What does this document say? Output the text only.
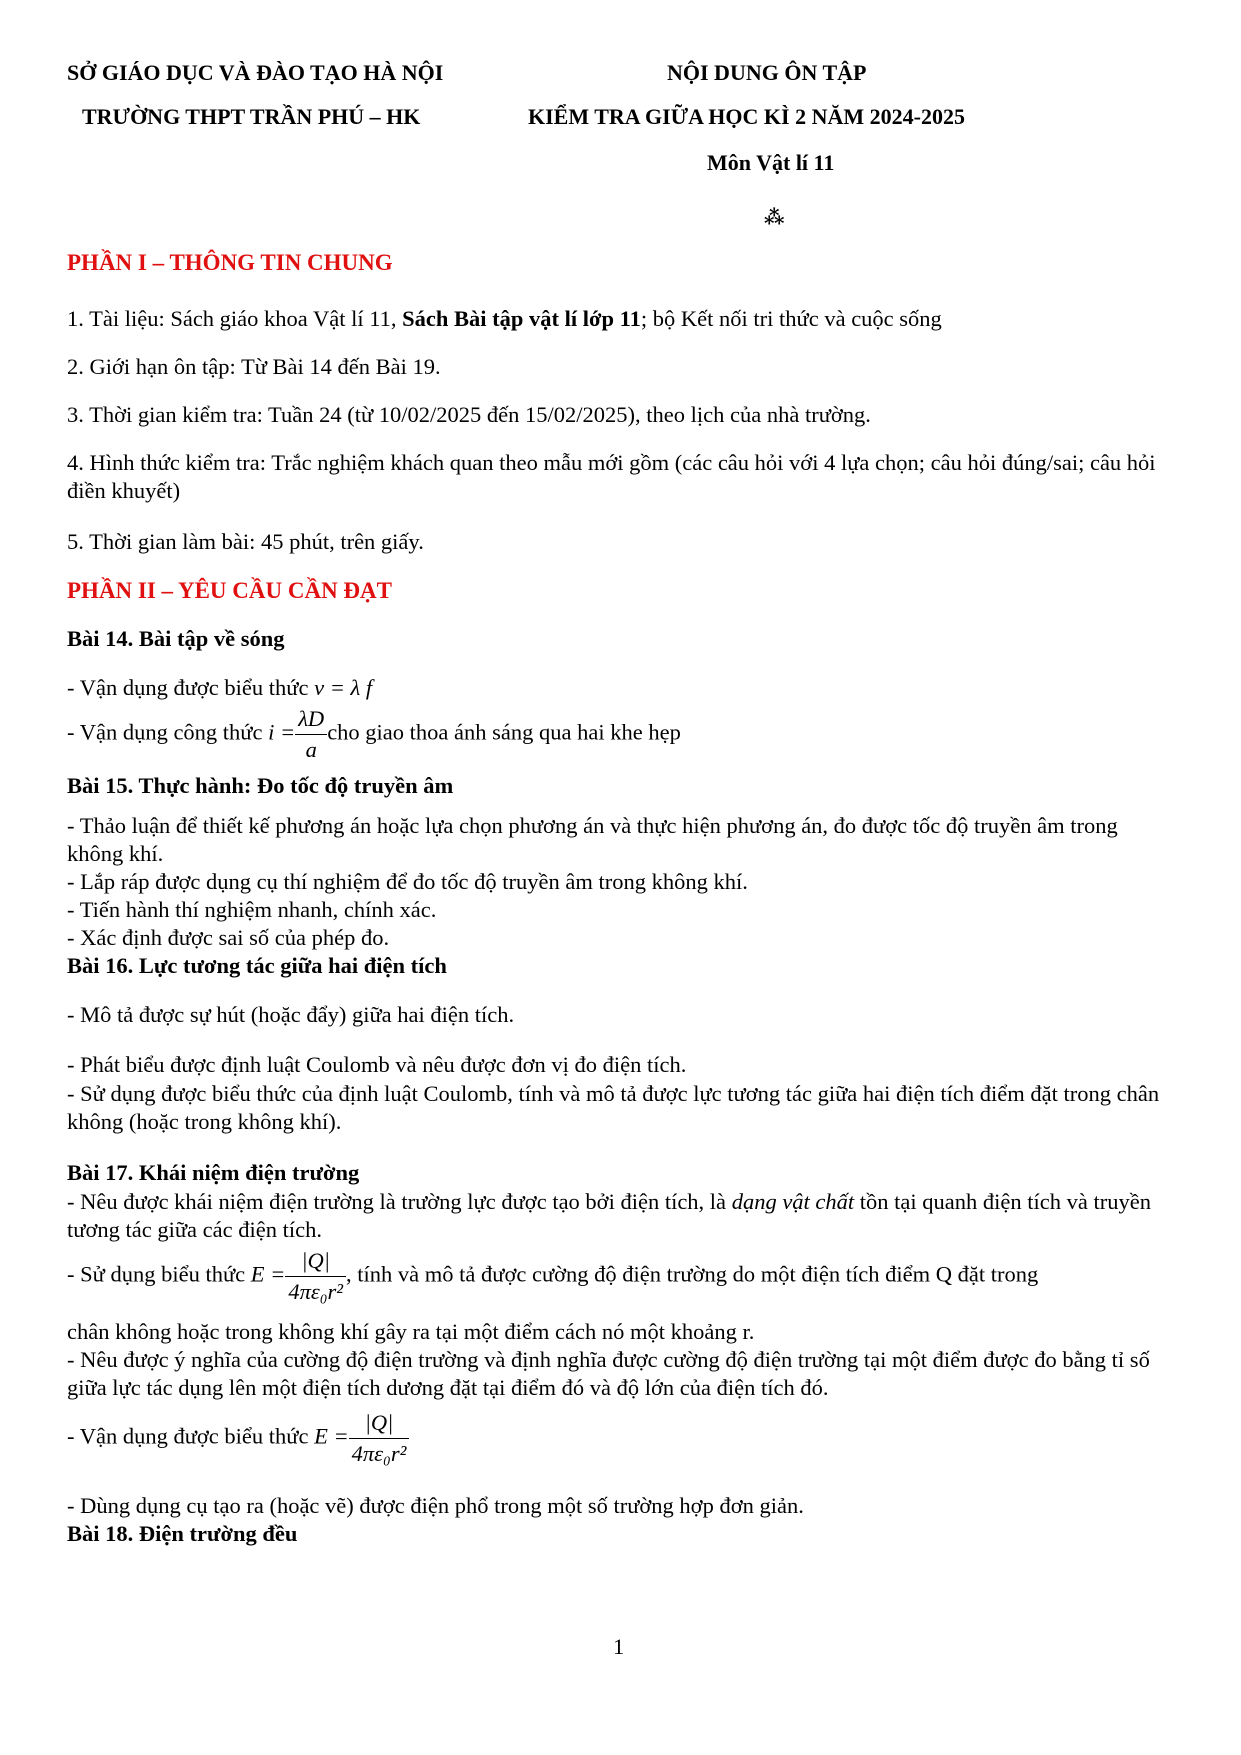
SỞ GIÁO DỤC VÀ ĐÀO TẠO HÀ NỘI
TRƯỜNG THPT TRẦN PHÚ – HK
NỘI DUNG ÔN TẬP
KIỂM TRA GIỮA HỌC KÌ 2 NĂM 2024-2025
Môn Vật lí 11
⁂
PHẦN I – THÔNG TIN CHUNG
1. Tài liệu: Sách giáo khoa Vật lí 11, Sách Bài tập vật lí lớp 11; bộ Kết nối tri thức và cuộc sống
2. Giới hạn ôn tập: Từ Bài 14 đến Bài 19.
3. Thời gian kiểm tra: Tuần 24 (từ 10/02/2025 đến 15/02/2025), theo lịch của nhà trường.
4. Hình thức kiểm tra: Trắc nghiệm khách quan theo mẫu mới gồm (các câu hỏi với 4 lựa chọn; câu hỏi đúng/sai; câu hỏi điền khuyết)
5. Thời gian làm bài: 45 phút, trên giấy.
PHẦN II – YÊU CẦU CẦN ĐẠT
Bài 14. Bài tập về sóng
- Vận dụng được biểu thức v = λ f
- Vận dụng công thức $i = \frac{\lambda D}{a}$ cho giao thoa ánh sáng qua hai khe hẹp
Bài 15. Thực hành: Đo tốc độ truyền âm
- Thảo luận để thiết kế phương án hoặc lựa chọn phương án và thực hiện phương án, đo được tốc độ truyền âm trong không khí.
- Lắp ráp được dụng cụ thí nghiệm để đo tốc độ truyền âm trong không khí.
- Tiến hành thí nghiệm nhanh, chính xác.
- Xác định được sai số của phép đo.
Bài 16. Lực tương tác giữa hai điện tích
- Mô tả được sự hút (hoặc đẩy) giữa hai điện tích.
- Phát biểu được định luật Coulomb và nêu được đơn vị đo điện tích.
- Sử dụng được biểu thức của định luật Coulomb, tính và mô tả được lực tương tác giữa hai điện tích điểm đặt trong chân không (hoặc trong không khí).
Bài 17. Khái niệm điện trường
- Nêu được khái niệm điện trường là trường lực được tạo bởi điện tích, là dạng vật chất tồn tại quanh điện tích và truyền tương tác giữa các điện tích.
- Sử dụng biểu thức $E = \frac{|Q|}{\text{4πε₀r²}}$ , tính và mô tả được cường độ điện trường do một điện tích điểm Q đặt trong
chân không hoặc trong không khí gây ra tại một điểm cách nó một khoảng r.
- Nêu được ý nghĩa của cường độ điện trường và định nghĩa được cường độ điện trường tại một điểm được đo bằng tỉ số giữa lực tác dụng lên một điện tích dương đặt tại điểm đó và độ lớn của điện tích đó.
- Vận dụng được biểu thức $E = \frac{|Q|}{\text{4πε₀r²}}$
- Dùng dụng cụ tạo ra (hoặc vẽ) được điện phổ trong một số trường hợp đơn giản.
Bài 18. Điện trường đều
1
